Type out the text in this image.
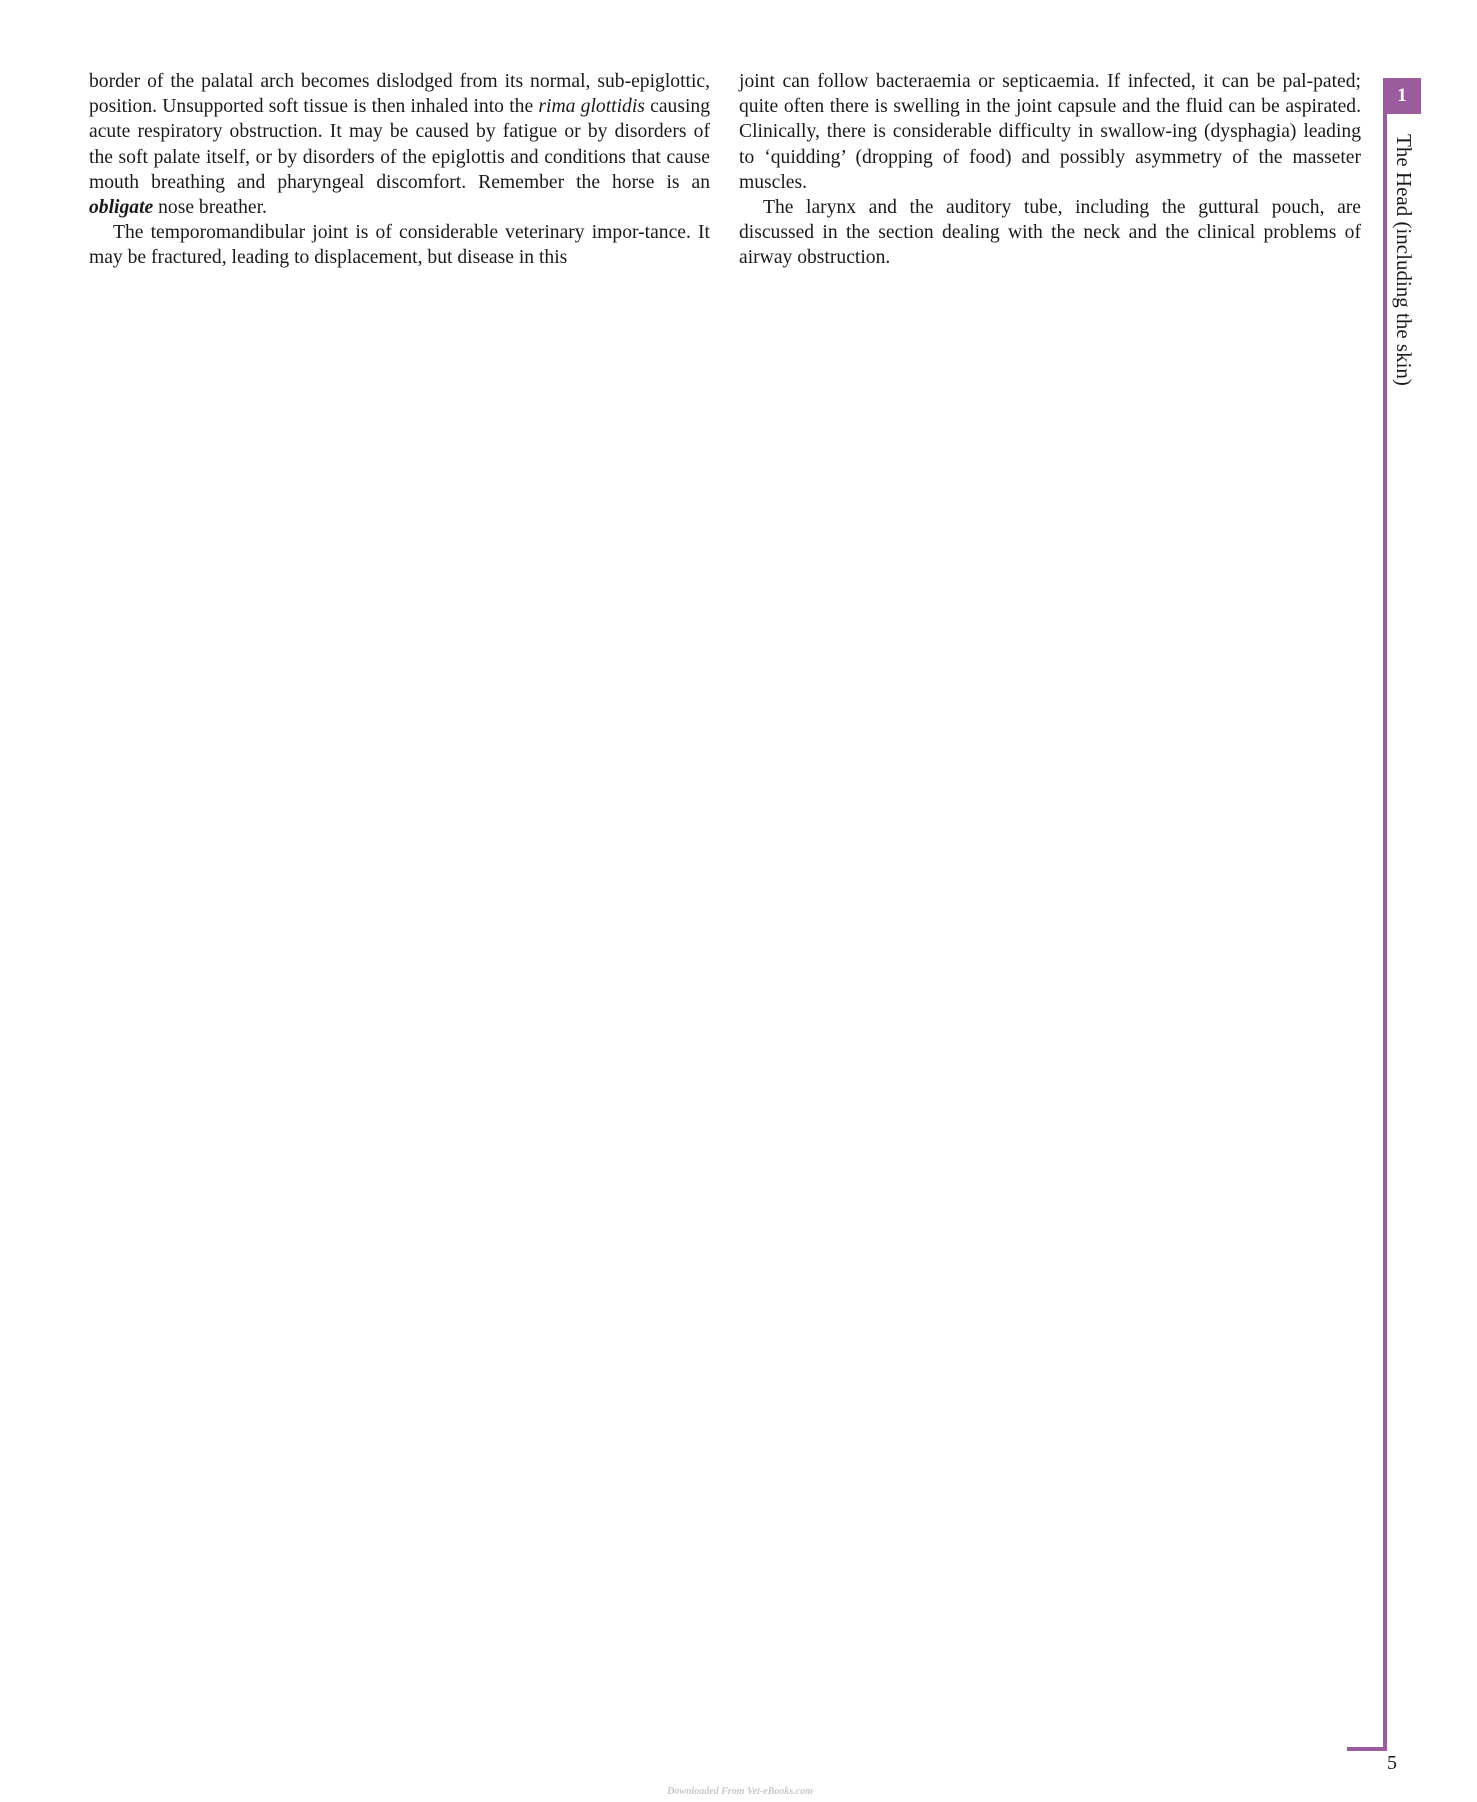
border of the palatal arch becomes dislodged from its normal, sub-epiglottic, position. Unsupported soft tissue is then inhaled into the rima glottidis causing acute respiratory obstruction. It may be caused by fatigue or by disorders of the soft palate itself, or by disorders of the epiglottis and conditions that cause mouth breathing and pharyngeal discomfort. Remember the horse is an obligate nose breather.

The temporomandibular joint is of considerable veterinary impor-tance. It may be fractured, leading to displacement, but disease in this

joint can follow bacteraemia or septicaemia. If infected, it can be pal-pated; quite often there is swelling in the joint capsule and the fluid can be aspirated. Clinically, there is considerable difficulty in swallow-ing (dysphagia) leading to ‘quidding’ (dropping of food) and possibly asymmetry of the masseter muscles.

The larynx and the auditory tube, including the guttural pouch, are discussed in the section dealing with the neck and the clinical problems of airway obstruction.

1
The Head (including the skin)
5
Downloaded From Vet-eBooks.com
